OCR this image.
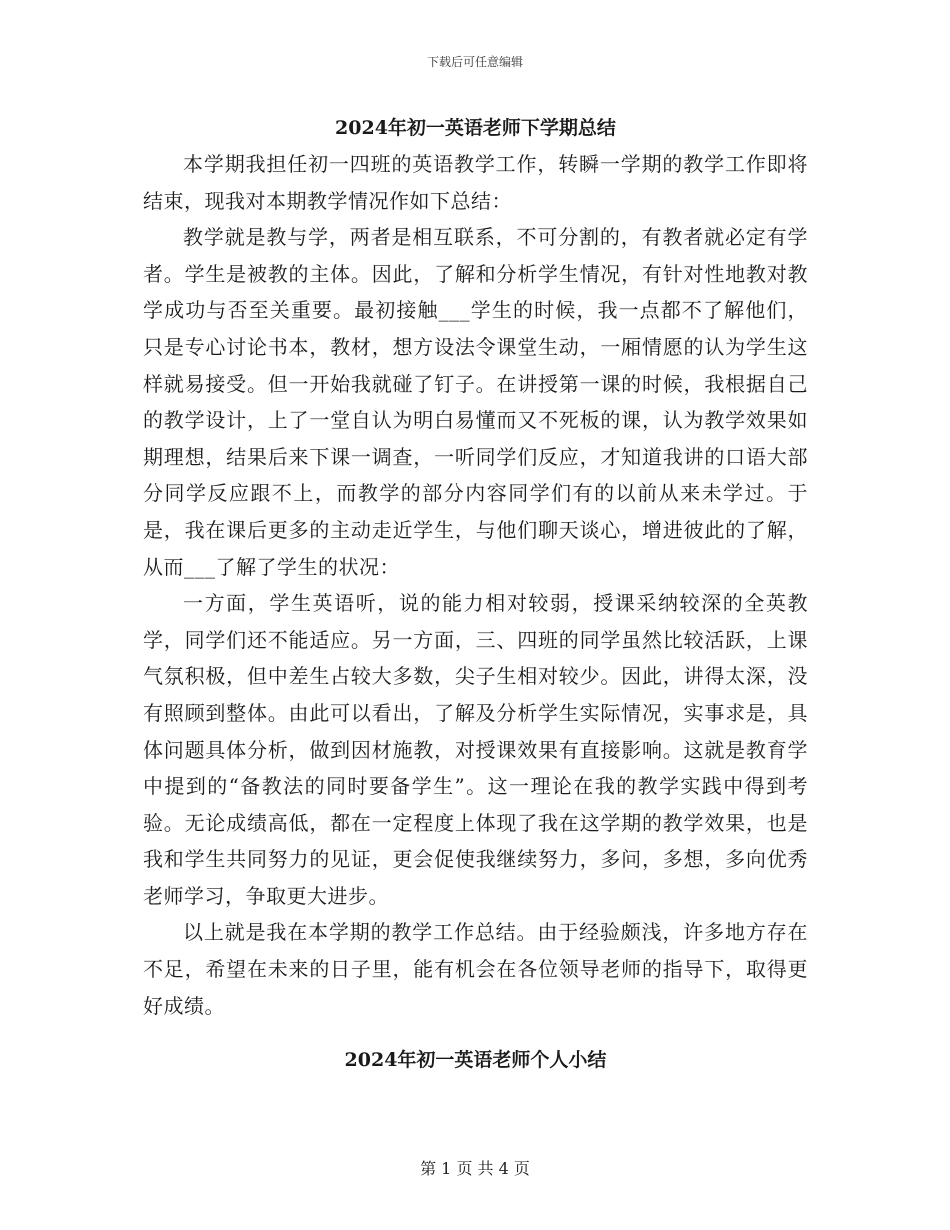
下载后可任意编辑
2024年初一英语老师下学期总结

本学期我担任初一四班的英语教学工作，转瞬一学期的教学工作即将结束，现我对本期教学情况作如下总结：

教学就是教与学，两者是相互联系，不可分割的，有教者就必定有学者。学生是被教的主体。因此，了解和分析学生情况，有针对性地教对教学成功与否至关重要。最初接触___学生的时候，我一点都不了解他们，只是专心讨论书本，教材，想方设法令课堂生动，一厢情愿的认为学生这样就易接受。但一开始我就碰了钉子。在讲授第一课的时候，我根据自己的教学设计，上了一堂自认为明白易懂而又不死板的课，认为教学效果如期理想，结果后来下课一调查，一听同学们反应，才知道我讲的口语大部分同学反应跟不上，而教学的部分内容同学们有的以前从来未学过。于是，我在课后更多的主动走近学生，与他们聊天谈心，增进彼此的了解，从而___了解了学生的状况：

一方面，学生英语听，说的能力相对较弱，授课采纳较深的全英教学，同学们还不能适应。另一方面，三、四班的同学虽然比较活跃，上课气氛积极，但中差生占较大多数，尖子生相对较少。因此，讲得太深，没有照顾到整体。由此可以看出，了解及分析学生实际情况，实事求是，具体问题具体分析，做到因材施教，对授课效果有直接影响。这就是教育学中提到的“备教法的同时要备学生”。这一理论在我的教学实践中得到考验。无论成绩高低，都在一定程度上体现了我在这学期的教学效果，也是我和学生共同努力的见证，更会促使我继续努力，多问，多想，多向优秀老师学习，争取更大进步。

以上就是我在本学期的教学工作总结。由于经验颇浅，许多地方存在不足，希望在未来的日子里，能有机会在各位领导老师的指导下，取得更好成绩。

2024年初一英语老师个人小结
第 1 页 共 4 页
